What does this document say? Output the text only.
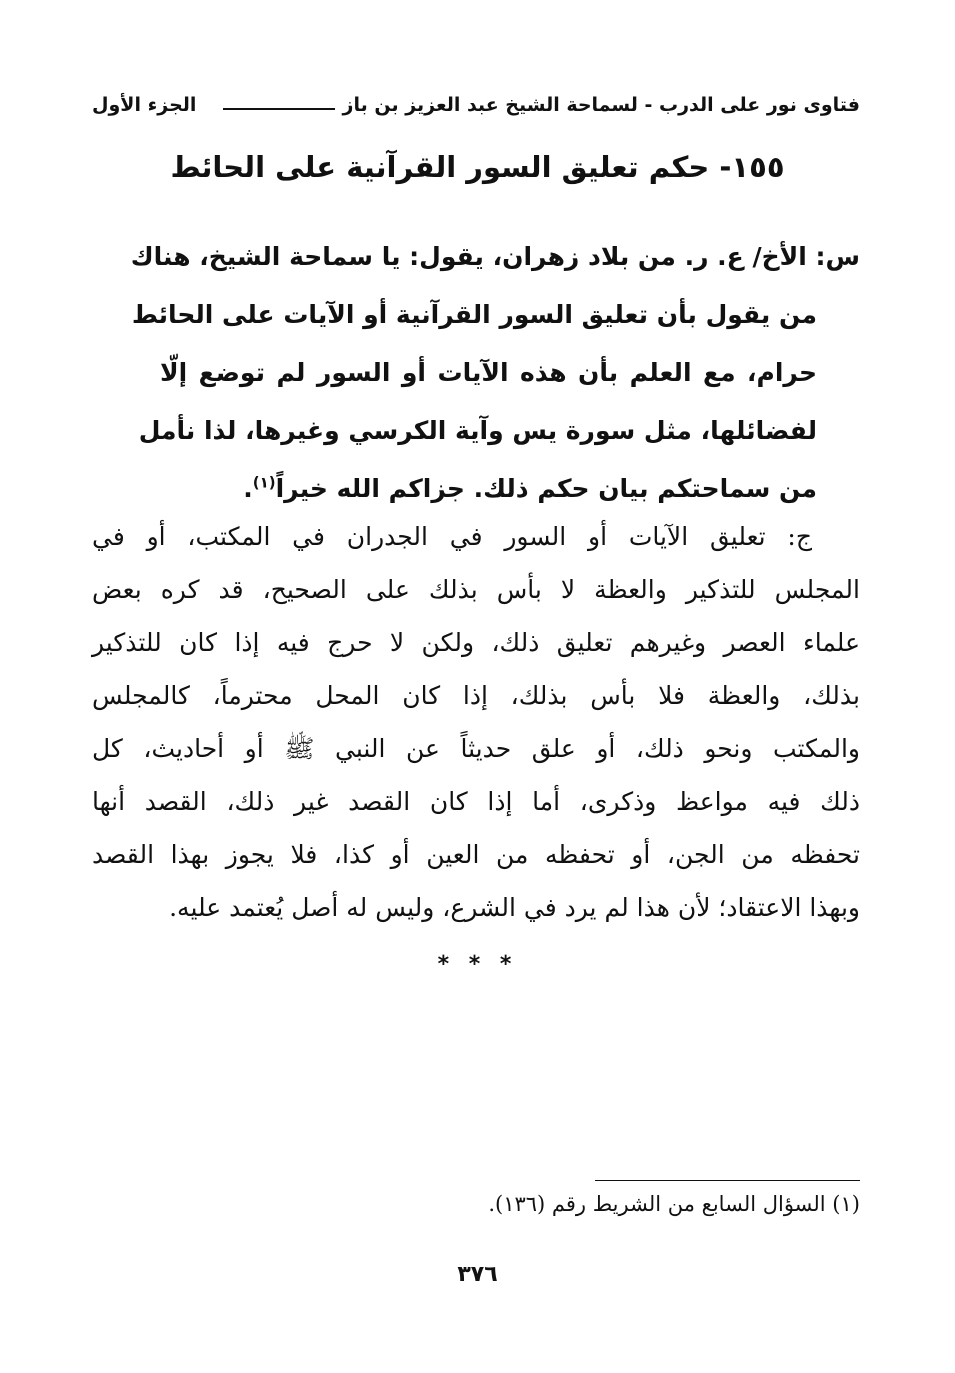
فتاوى نور على الدرب - لسماحة الشيخ عبد العزيز بن باز
الجزء الأول
١٥٥- حكم تعليق السور القرآنية على الحائط
س: الأخ/ ع. ر. من بلاد زهران، يقول: يا سماحة الشيخ، هناك
من يقول بأن تعليق السور القرآنية أو الآيات على الحائط
حرام، مع العلم بأن هذه الآيات أو السور لم توضع إلّا
لفضائلها، مثل سورة يس وآية الكرسي وغيرها، لذا نأمل
من سماحتكم بيان حكم ذلك. جزاكم الله خيراً$^{(١)}$.
ج: تعليق الآيات أو السور في الجدران في المكتب، أو في
المجلس للتذكير والعظة لا بأس بذلك على الصحيح، قد كره بعض
علماء العصر وغيرهم تعليق ذلك، ولكن لا حرج فيه إذا كان للتذكير
بذلك، والعظة فلا بأس بذلك، إذا كان المحل محترماً، كالمجلس
والمكتب ونحو ذلك، أو علق حديثاً عن النبي ﷺ أو أحاديث، كل
ذلك فيه مواعظ وذكرى، أما إذا كان القصد غير ذلك، القصد أنها
تحفظه من الجن، أو تحفظه من العين أو كذا، فلا يجوز بهذا القصد
وبهذا الاعتقاد؛ لأن هذا لم يرد في الشرع، وليس له أصل يُعتمد عليه.
* * *
(١) السؤال السابع من الشريط رقم (١٣٦).
٣٧٦
